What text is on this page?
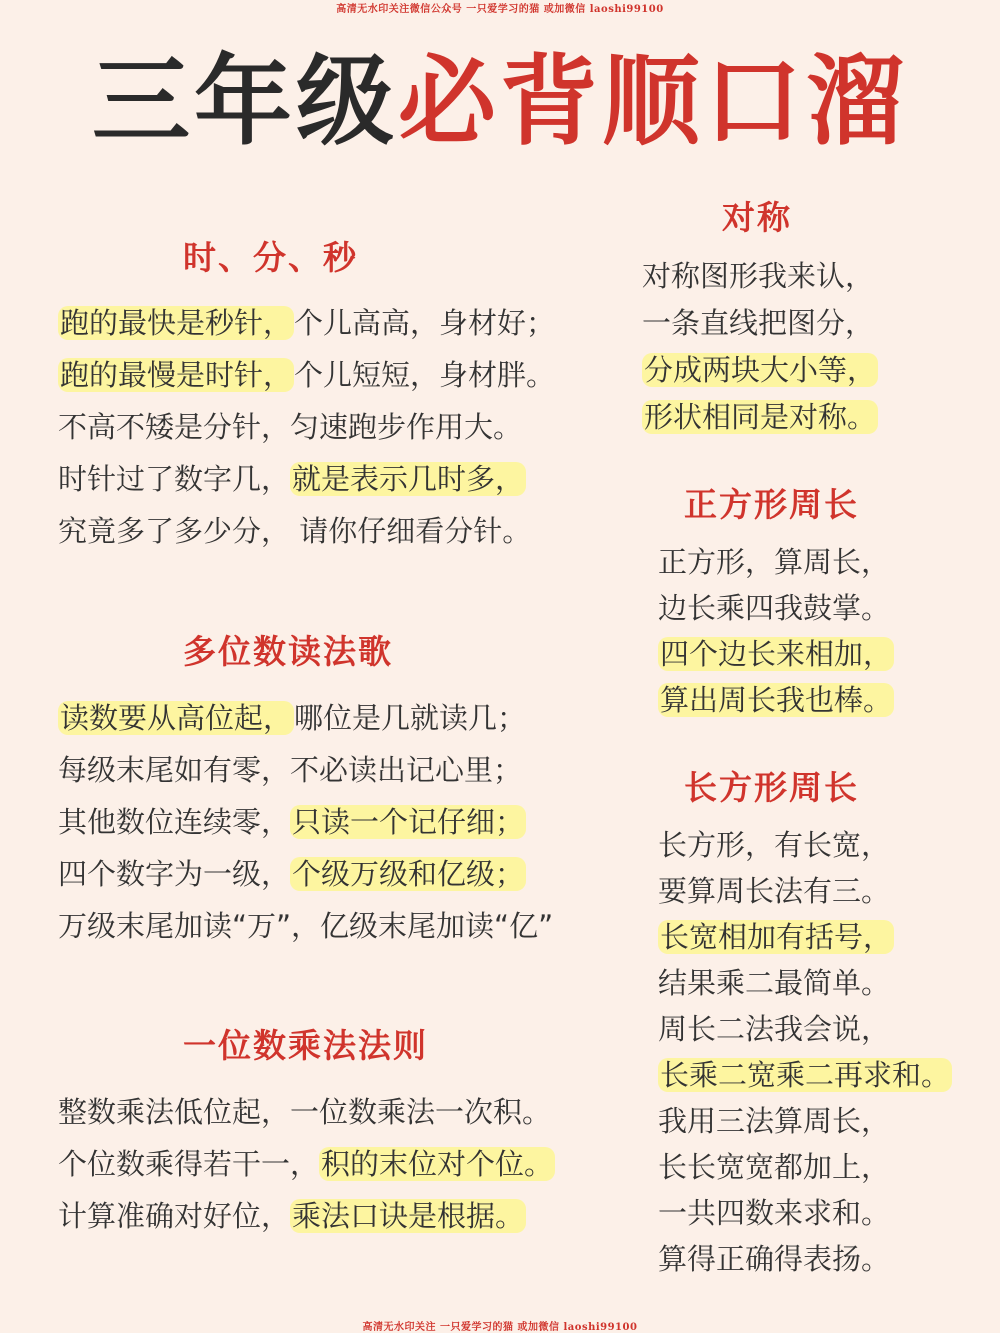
高清无水印关注微信公众号 一只爱学习的猫 或加微信 laoshi99100
三年级必背顺口溜
时、分、秒
跑的最快是秒针，个儿高高，身材好；
跑的最慢是时针，个儿短短，身材胖。
不高不矮是分针，匀速跑步作用大。
时针过了数字几，就是表示几时多，
究竟多了多少分， 请你仔细看分针。
多位数读法歌
读数要从高位起，哪位是几就读几；
每级末尾如有零，不必读出记心里；
其他数位连续零，只读一个记仔细；
四个数字为一级，个级万级和亿级；
万级末尾加读“万”，亿级末尾加读“亿”
一位数乘法法则
整数乘法低位起，一位数乘法一次积。
个位数乘得若干一，积的末位对个位。
计算准确对好位，乘法口诀是根据。
对称
对称图形我来认，
一条直线把图分，
分成两块大小等，
形状相同是对称。
正方形周长
正方形，算周长，
边长乘四我鼓掌。
四个边长来相加，
算出周长我也棒。
长方形周长
长方形，有长宽，
要算周长法有三。
长宽相加有括号，
结果乘二最简单。
周长二法我会说，
长乘二宽乘二再求和。
我用三法算周长，
长长宽宽都加上，
一共四数来求和。
算得正确得表扬。
高清无水印关注 一只爱学习的猫 或加微信 laoshi99100
